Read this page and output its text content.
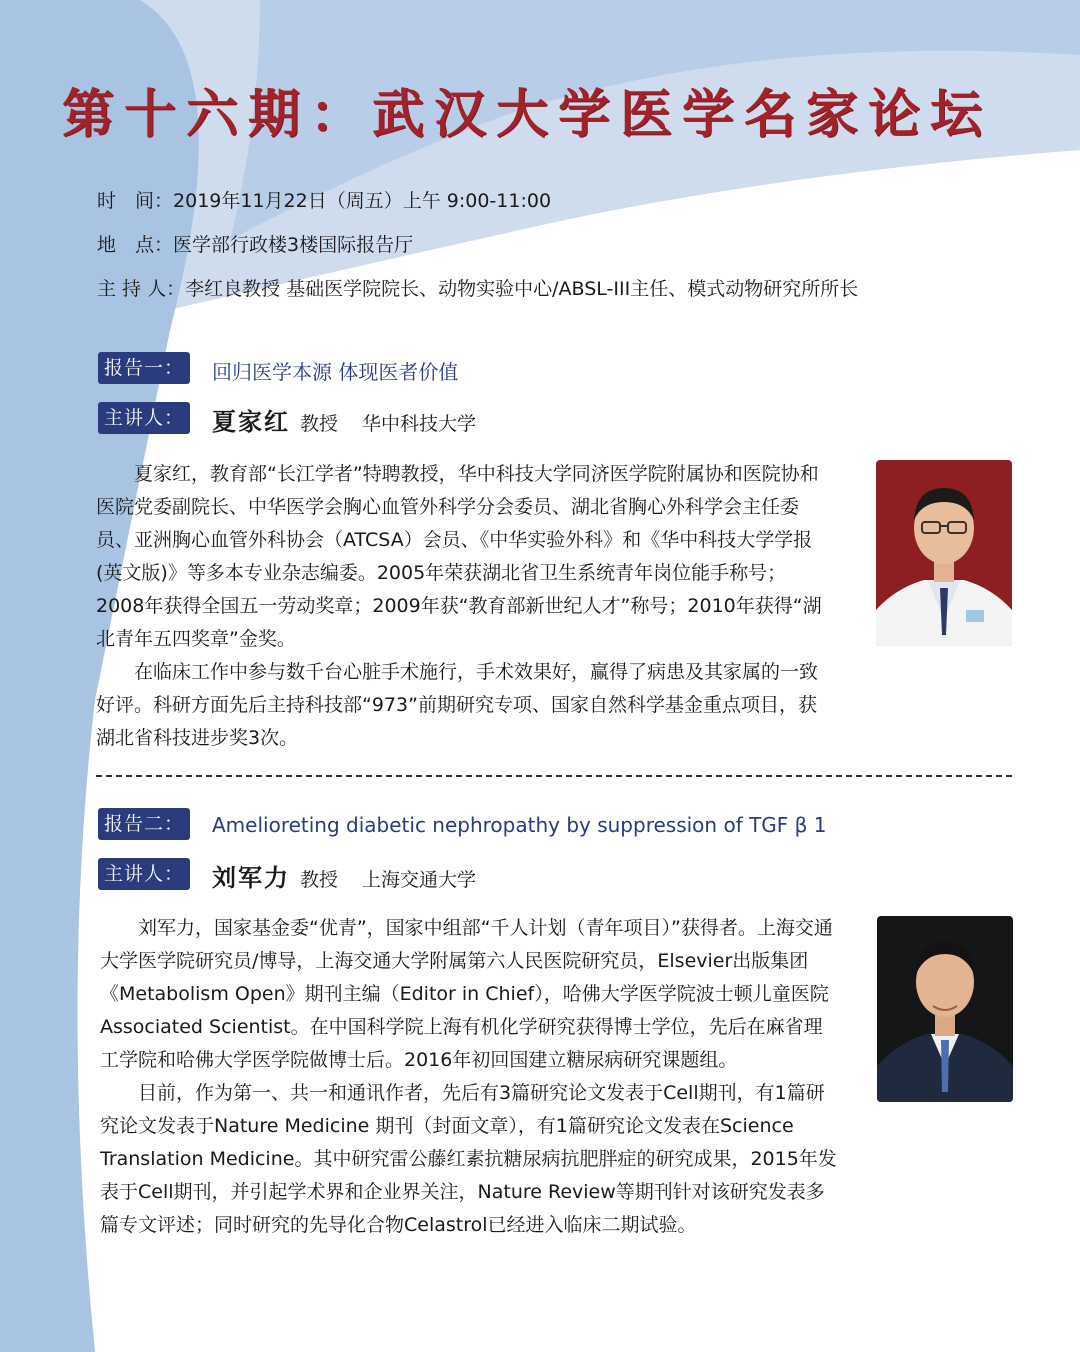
第十六期：武汉大学医学名家论坛
时　间：2019年11月22日（周五）上午 9:00-11:00
地　点：医学部行政楼3楼国际报告厅
主 持 人：李红良教授 基础医学院院长、动物实验中心/ABSL-III主任、模式动物研究所所长
报告一：	回归医学本源 体现医者价值
主讲人： 夏家红 教授 华中科技大学

夏家红，教育部“长江学者”特聘教授，华中科技大学同济医学院附属协和医院协和医院党委副院长、中华医学会胸心血管外科学分会委员、湖北省胸心外科学会主任委员、亚洲胸心血管外科协会（ATCSA）会员、《中华实验外科》和《华中科技大学学报(英文版)》等多本专业杂志编委。2005年荣获湖北省卫生系统青年岗位能手称号；2008年获得全国五一劳动奖章；2009年获“教育部新世纪人才”称号；2010年获得“湖北青年五四奖章”金奖。

在临床工作中参与数千台心脏手术施行，手术效果好，赢得了病患及其家属的一致好评。科研方面先后主持科技部“973”前期研究专项、国家自然科学基金重点项目，获湖北省科技进步奖3次。

报告二：	Amelioreting diabetic nephropathy by suppression of TGF β 1
主讲人： 刘军力 教授 上海交通大学

刘军力，国家基金委“优青”，国家中组部“千人计划（青年项目）”获得者。上海交通大学医学院研究员/博导，上海交通大学附属第六人民医院研究员，Elsevier出版集团《Metabolism Open》期刊主编（Editor in Chief），哈佛大学医学院波士顿儿童医院Associated Scientist。在中国科学院上海有机化学研究获得博士学位，先后在麻省理工学院和哈佛大学医学院做博士后。2016年初回国建立糖尿病研究课题组。

目前，作为第一、共一和通讯作者，先后有3篇研究论文发表于Cell期刊，有1篇研究论文发表于Nature Medicine 期刊（封面文章），有1篇研究论文发表在Science Translation Medicine。其中研究雷公藤红素抗糖尿病抗肥胖症的研究成果，2015年发表于Cell期刊，并引起学术界和企业界关注，Nature Review等期刊针对该研究发表多篇专文评述；同时研究的先导化合物Celastrol已经进入临床二期试验。
